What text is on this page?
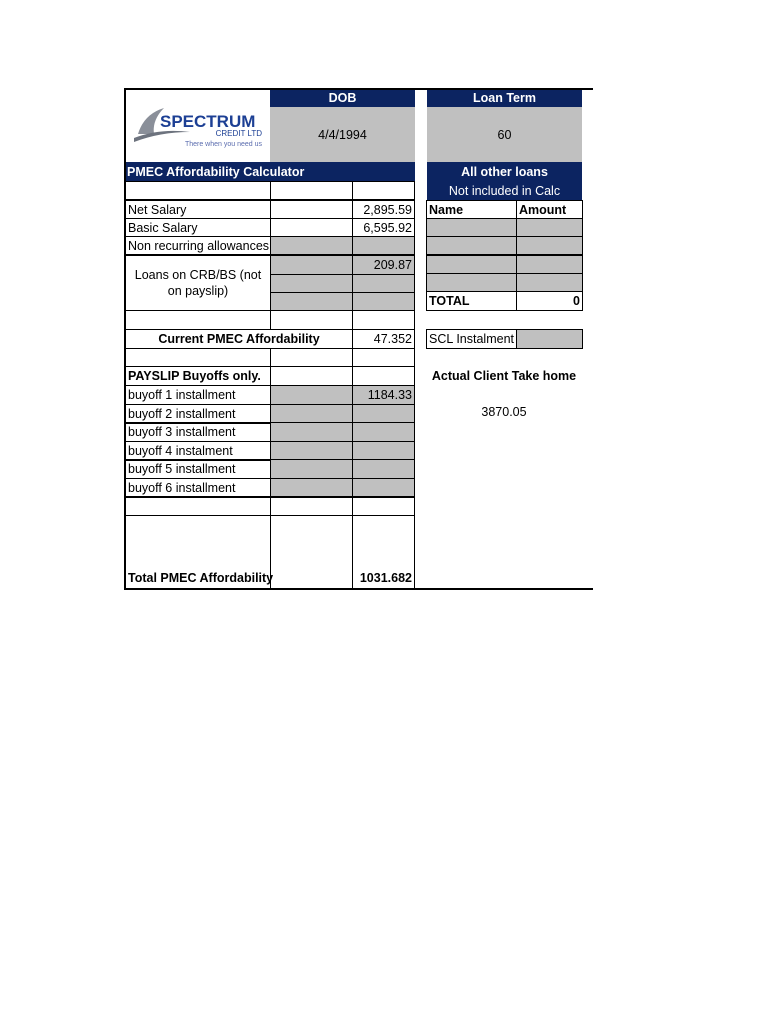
SPECTRUM
CREDIT LTD
There when you need us
DOB
4/4/1994
Loan Term
60
PMEC Affordability Calculator	All other loans
Not included in Calc
Net Salary	2,895.59
Basic Salary	6,595.92
Non recurring allowances
Loans on CRB/BS (not on payslip)
209.87
Current PMEC Affordability	47.352
PAYSLIP Buyoffs only.
buyoff 1 installment	1184.33
buyoff 2 installment
buyoff 3 installment
buyoff 4 instalment
buyoff 5 installment
buyoff 6 installment
Total PMEC Affordability	1031.682
Name	Amount
TOTAL	0
SCL Instalment
Actual Client Take home
3870.05
